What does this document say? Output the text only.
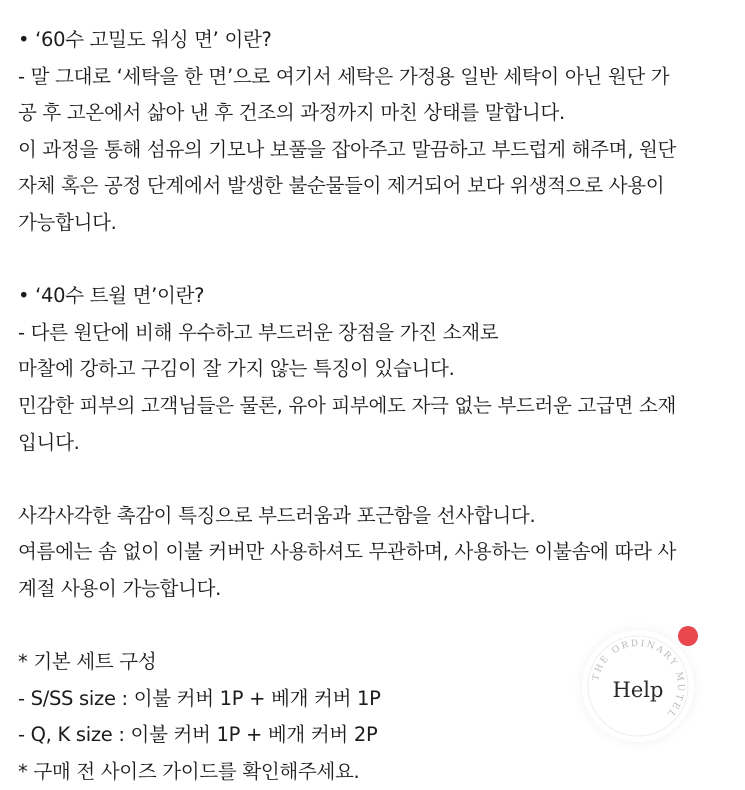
• ‘60수 고밀도 워싱 면’ 이란?
- 말 그대로 ‘세탁을 한 면’으로 여기서 세탁은 가정용 일반 세탁이 아닌 원단 가
공 후 고온에서 삶아 낸 후 건조의 과정까지 마친 상태를 말합니다.
이 과정을 통해 섬유의 기모나 보풀을 잡아주고 말끔하고 부드럽게 해주며, 원단
자체 혹은 공정 단계에서 발생한 불순물들이 제거되어 보다 위생적으로 사용이
가능합니다.
• ‘40수 트윌 면’이란?
- 다른 원단에 비해 우수하고 부드러운 장점을 가진 소재로
마찰에 강하고 구김이 잘 가지 않는 특징이 있습니다.
민감한 피부의 고객님들은 물론, 유아 피부에도 자극 없는 부드러운 고급면 소재
입니다.
사각사각한 촉감이 특징으로 부드러움과 포근함을 선사합니다.
여름에는 솜 없이 이불 커버만 사용하셔도 무관하며, 사용하는 이불솜에 따라 사
계절 사용이 가능합니다.
* 기본 세트 구성
- S/SS size : 이불 커버 1P + 베개 커버 1P
- Q, K size : 이불 커버 1P + 베개 커버 2P
* 구매 전 사이즈 가이드를 확인해주세요.
THE ORDINARY MUTEL
Help
